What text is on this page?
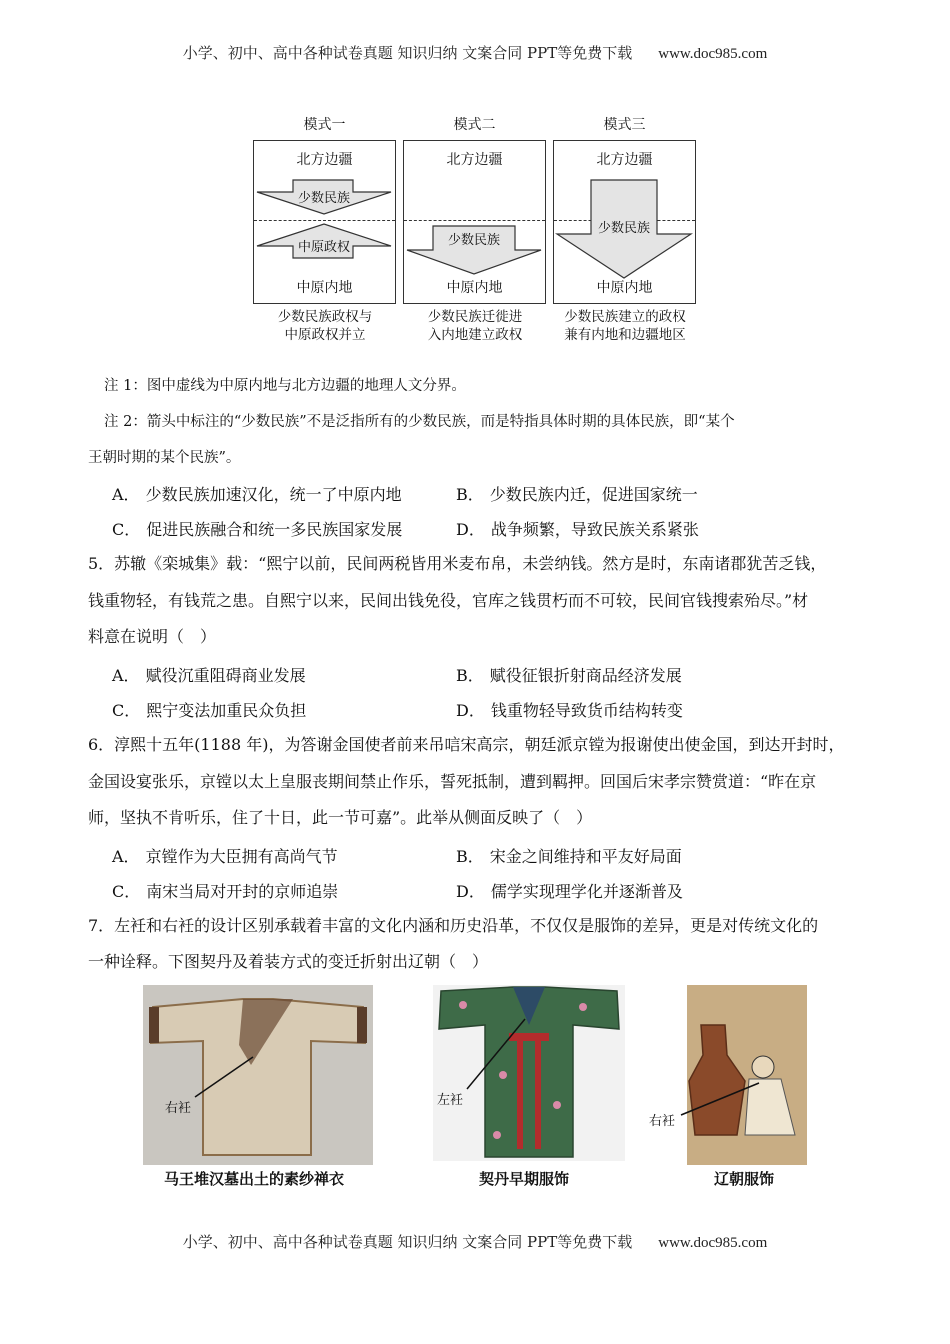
小学、初中、高中各种试卷真题 知识归纳 文案合同 PPT等免费下载 www.doc985.com
模式一
北方边疆
少数民族
中原政权
中原内地
少数民族政权与
中原政权并立
模式二
北方边疆
少数民族
中原内地
少数民族迁徙进
入内地建立政权
模式三
北方边疆
少数民族
中原内地
少数民族建立的政权
兼有内地和边疆地区
注 1：图中虚线为中原内地与北方边疆的地理人文分界。
注 2：箭头中标注的“少数民族”不是泛指所有的少数民族，而是特指具体时期的具体民族，即“某个
王朝时期的某个民族”。
A． 少数民族加速汉化，统一了中原内地	B． 少数民族内迁，促进国家统一
C． 促进民族融合和统一多民族国家发展	D． 战争频繁，导致民族关系紧张
5．苏辙《栾城集》载：“熙宁以前，民间两税皆用米麦布帛，未尝纳钱。然方是时，东南诸郡犹苦乏钱，
钱重物轻，有钱荒之患。自熙宁以来，民间出钱免役，官库之钱贯朽而不可较，民间官钱搜索殆尽。”材
料意在说明（　）
A． 赋役沉重阻碍商业发展	B． 赋役征银折射商品经济发展
C． 熙宁变法加重民众负担	D． 钱重物轻导致货币结构转变
6．淳熙十五年(1188 年)，为答谢金国使者前来吊唁宋高宗，朝廷派京镗为报谢使出使金国，到达开封时，
金国设宴张乐，京镗以太上皇服丧期间禁止作乐，誓死抵制，遭到羁押。回国后宋孝宗赞赏道：“昨在京
师，坚执不肯听乐，住了十日，此一节可嘉”。此举从侧面反映了（　）
A． 京镗作为大臣拥有高尚气节	B． 宋金之间维持和平友好局面
C． 南宋当局对开封的京师追崇	D． 儒学实现理学化并逐渐普及
7．左衽和右衽的设计区别承载着丰富的文化内涵和历史沿革，不仅仅是服饰的差异，更是对传统文化的
一种诠释。下图契丹及着装方式的变迁折射出辽朝（　）
右衽
马王堆汉墓出土的素纱禅衣
左衽
契丹早期服饰
右衽
辽朝服饰
小学、初中、高中各种试卷真题 知识归纳 文案合同 PPT等免费下载 www.doc985.com
